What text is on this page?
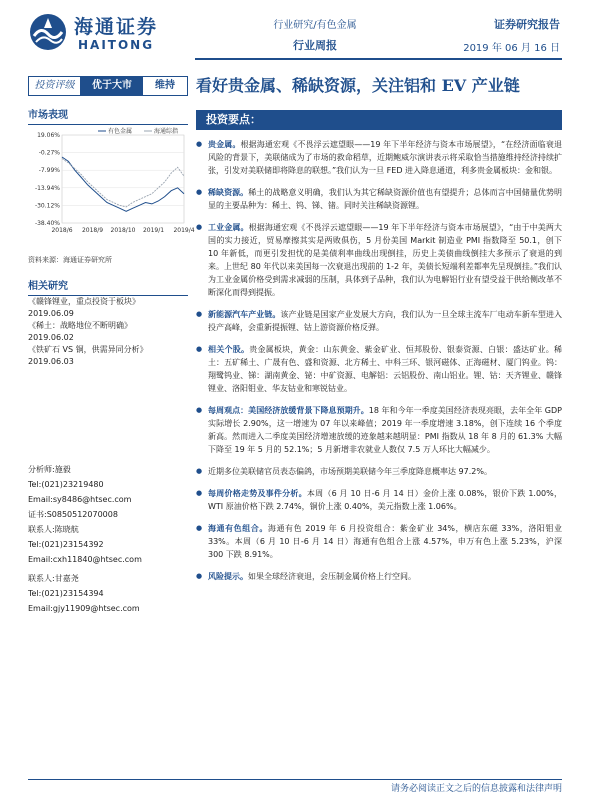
海通证券
HAITONG
行业研究/有色金属
行业周报
证券研究报告
2019 年 06 月 16 日
投资评级	优于大市	维持
市场表现
19.06%
-0.27%
-7.99%
-13.94%
-30.12%
-38.40%
2018/6 2018/9 2018/10 2019/1 2019/4
有色金属	海通综指
资料来源：海通证券研究所
相关研究
《赣锋锂业，重点投资于板块》
2019.06.09
《稀土：战略地位不断明确》
2019.06.02
《铁矿石 VS 铜，供需异同分析》
2019.06.03
分析师:施毅
Tel:(021)23219480
Email:sy8486@htsec.com
证书:S0850512070008
联系人:陈晓航
Tel:(021)23154392
Email:cxh11840@htsec.com
联系人:甘嘉尧
Tel:(021)23154394
Email:gjy11909@htsec.com
看好贵金属、稀缺资源，关注铝和 EV 产业链
投资要点：
● 贵金属。根据海通宏观《不畏浮云遮望眼——19 年下半年经济与资本市场展望》，“在经济面临衰退风险的背景下，美联储成为了市场的救命稻草，近期鲍威尔演讲表示将采取恰当措施维持经济持续扩张，引发对美联储即将降息的联想。”我们认为一旦 FED 进入降息通道，利多贵金属板块：金和银。
● 稀缺资源。稀土的战略意义明确，我们认为其它稀缺资源价值也有望提升；总体而言中国储量优势明显的主要品种为：稀土、钨、锑、锗。同时关注稀缺资源锂。
● 工业金属。根据海通宏观《不畏浮云遮望眼——19 年下半年经济与资本市场展望》，“由于中美两大国的实力接近，贸易摩擦其实是两败俱伤，5 月份美国 Markit 制造业 PMI 指数降至 50.1，创下 10 年新低，而更引发担忧的是美债利率曲线出现倒挂，历史上美债曲线倒挂大多预示了衰退的到来。上世纪 80 年代以来美国每一次衰退出现前的 1-2 年，美债长短端利差都率先呈现倒挂。”我们认为工业金属价格受到需求减弱的压制，具体到子品种，我们认为电解铝行业有望受益于供给侧改革不断深化而得到提振。
● 新能源汽车产业链。该产业链是国家产业发展大方向，我们认为一旦全球主流车厂电动车新车型进入投产高峰，会重新提振锂、钴上游资源价格反弹。
● 相关个股。贵金属板块，黄金：山东黄金、紫金矿业、恒邦股份、银泰资源、白银：盛达矿业。稀土：五矿稀土、广晟有色、盛和资源、北方稀土、中科三环、银河磁体、正海磁材、厦门钨业。钨：翔鹭钨业、锑：湖南黄金、铋：中矿资源、电解铝：云铝股份、南山铝业。锂、钴：天齐锂业、赣锋锂业、洛阳钼业、华友钴业和寒锐钴业。
● 每周观点：美国经济放缓背景下降息预期升。18 年和今年一季度美国经济表现亮眼，去年全年 GDP 实际增长 2.90%，这一增速为 07 年以来峰值；2019 年一季度增速 3.18%，创下连续 16 个季度新高。然而进入二季度美国经济增速放缓的迹象越来越明显：PMI 指数从 18 年 8 月的 61.3% 大幅下降至 19 年 5 月的 52.1%；5 月新增非农就业人数仅 7.5 万人环比大幅减少。
● 近期多位美联储官员表态偏鸽，市场预期美联储今年三季度降息概率达 97.2%。
● 每周价格走势及事件分析。本周（6 月 10 日-6 月 14 日）金价上涨 0.08%，银价下跌 1.00%，WTI 原油价格下跌 2.74%，铜价上涨 0.40%，美元指数上涨 1.06%。
● 海通有色组合。海通有色 2019 年 6 月投资组合：紫金矿业 34%，横店东磁 33%，洛阳钼业 33%。本周（6 月 10 日-6 月 14 日）海通有色组合上涨 4.57%，申万有色上涨 5.23%，沪深 300 下跌 8.91%。
● 风险提示。如果全球经济衰退，会压制金属价格上行空间。
请务必阅读正文之后的信息披露和法律声明
